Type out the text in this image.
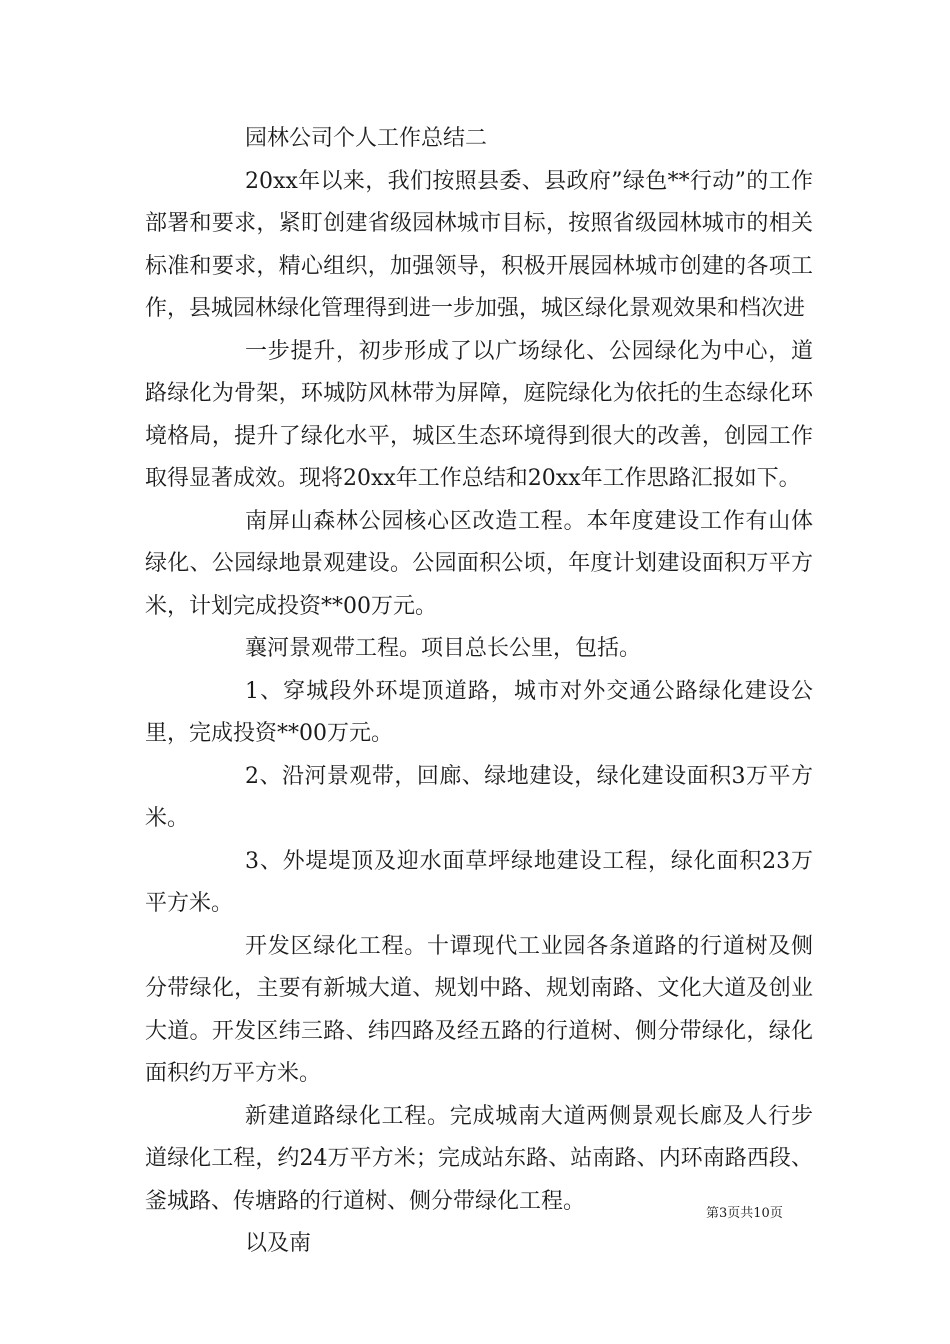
园林公司个人工作总结二

20xx年以来，我们按照县委、县政府”绿色**行动”的工作部署和要求，紧盯创建省级园林城市目标，按照省级园林城市的相关标准和要求，精心组织，加强领导，积极开展园林城市创建的各项工作，县城园林绿化管理得到进一步加强，城区绿化景观效果和档次进

一步提升，初步形成了以广场绿化、公园绿化为中心，道路绿化为骨架，环城防风林带为屏障，庭院绿化为依托的生态绿化环境格局，提升了绿化水平，城区生态环境得到很大的改善，创园工作取得显著成效。现将20xx年工作总结和20xx年工作思路汇报如下。

南屏山森林公园核心区改造工程。本年度建设工作有山体绿化、公园绿地景观建设。公园面积公顷，年度计划建设面积万平方米，计划完成投资**00万元。

襄河景观带工程。项目总长公里，包括。

1、穿城段外环堤顶道路，城市对外交通公路绿化建设公里，完成投资**00万元。

2、沿河景观带，回廊、绿地建设，绿化建设面积3万平方米。

3、外堤堤顶及迎水面草坪绿地建设工程，绿化面积23万平方米。

开发区绿化工程。十谭现代工业园各条道路的行道树及侧分带绿化，主要有新城大道、规划中路、规划南路、文化大道及创业大道。开发区纬三路、纬四路及经五路的行道树、侧分带绿化，绿化面积约万平方米。

新建道路绿化工程。完成城南大道两侧景观长廊及人行步道绿化工程，约24万平方米；完成站东路、站南路、内环南路西段、釜城路、传塘路的行道树、侧分带绿化工程。

以及南

第3页共10页
